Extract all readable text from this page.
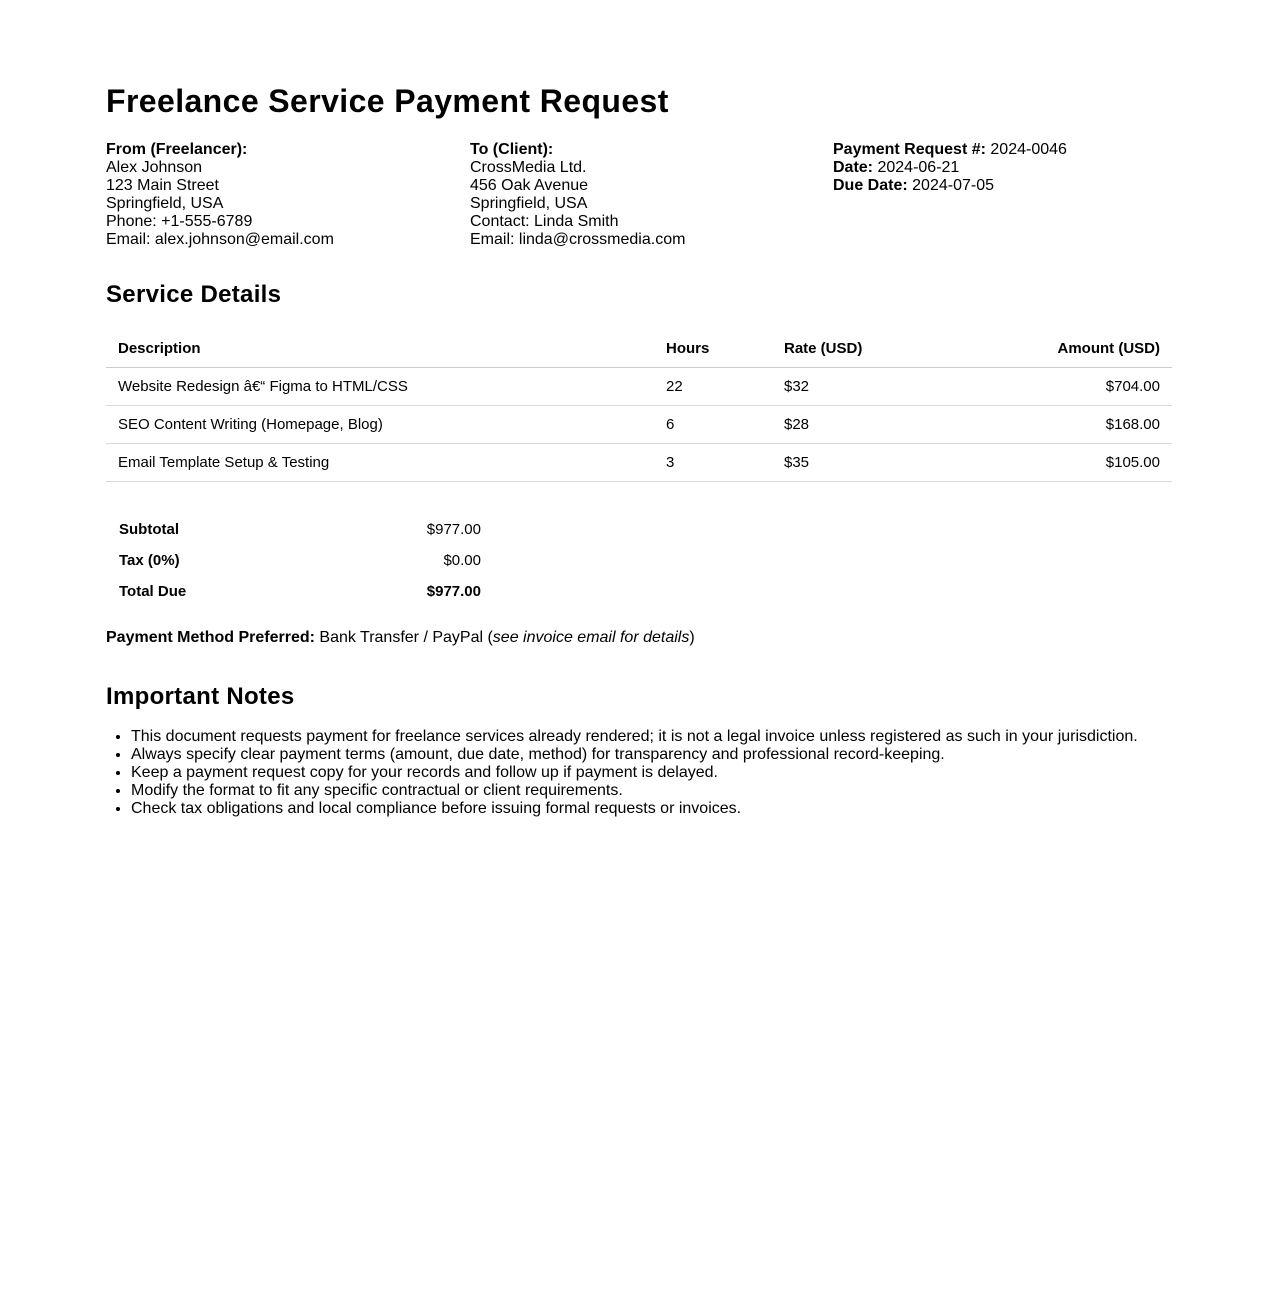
Freelance Service Payment Request
From (Freelancer):
Alex Johnson
123 Main Street
Springfield, USA
Phone: +1-555-6789
Email: alex.johnson@email.com
To (Client):
CrossMedia Ltd.
456 Oak Avenue
Springfield, USA
Contact: Linda Smith
Email: linda@crossmedia.com
Payment Request #: 2024-0046
Date: 2024-06-21
Due Date: 2024-07-05
Service Details
Description	Hours	Rate (USD)	Amount (USD)
Website Redesign â€“ Figma to HTML/CSS	22	$32	$704.00
SEO Content Writing (Homepage, Blog)	6	$28	$168.00
Email Template Setup & Testing	3	$35	$105.00
Subtotal	$977.00
Tax (0%)	$0.00
Total Due	$977.00
Payment Method Preferred: Bank Transfer / PayPal (see invoice email for details)
Important Notes
• This document requests payment for freelance services already rendered; it is not a legal invoice unless registered as such in your jurisdiction.
• Always specify clear payment terms (amount, due date, method) for transparency and professional record-keeping.
• Keep a payment request copy for your records and follow up if payment is delayed.
• Modify the format to fit any specific contractual or client requirements.
• Check tax obligations and local compliance before issuing formal requests or invoices.
